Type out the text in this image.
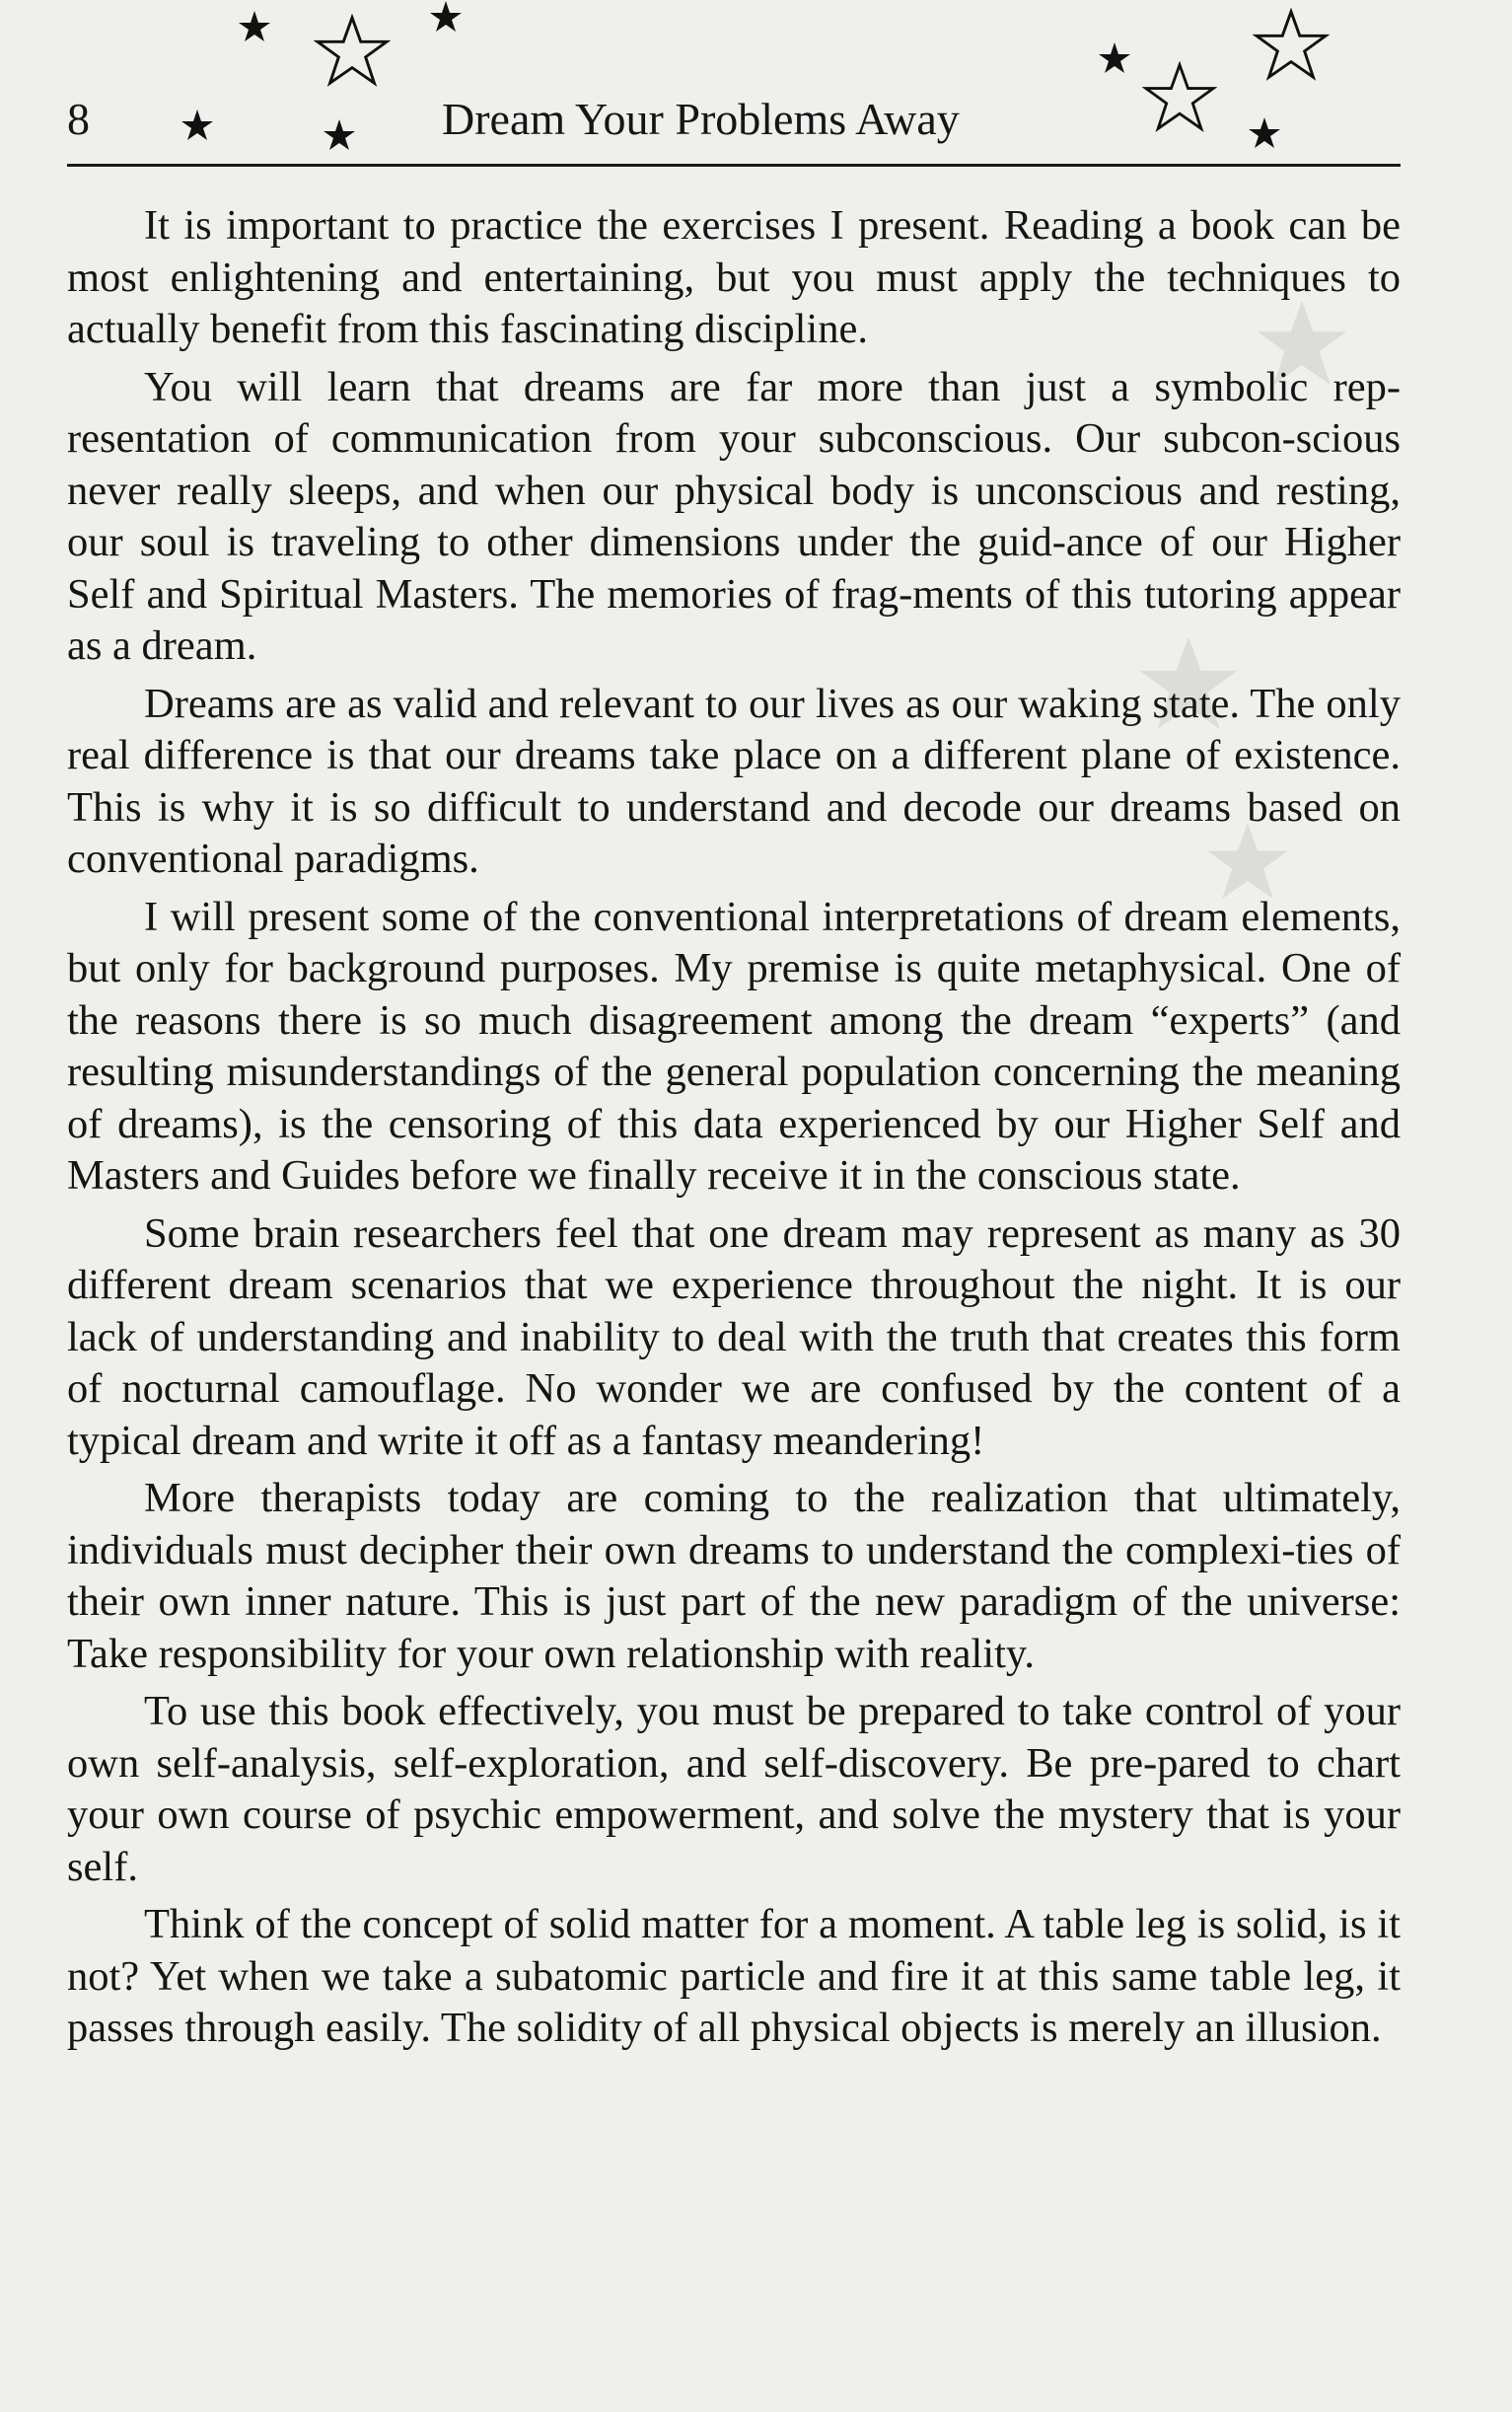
8	Dream Your Problems Away

It is important to practice the exercises I present. Reading a book can be most enlightening and entertaining, but you must apply the techniques to actually benefit from this fascinating discipline.

You will learn that dreams are far more than just a symbolic rep-resentation of communication from your subconscious. Our subcon-scious never really sleeps, and when our physical body is unconscious and resting, our soul is traveling to other dimensions under the guid-ance of our Higher Self and Spiritual Masters. The memories of frag-ments of this tutoring appear as a dream.

Dreams are as valid and relevant to our lives as our waking state. The only real difference is that our dreams take place on a different plane of existence. This is why it is so difficult to understand and decode our dreams based on conventional paradigms.

I will present some of the conventional interpretations of dream elements, but only for background purposes. My premise is quite metaphysical. One of the reasons there is so much disagreement among the dream “experts” (and resulting misunderstandings of the general population concerning the meaning of dreams), is the censoring of this data experienced by our Higher Self and Masters and Guides before we finally receive it in the conscious state.

Some brain researchers feel that one dream may represent as many as 30 different dream scenarios that we experience throughout the night. It is our lack of understanding and inability to deal with the truth that creates this form of nocturnal camouflage. No wonder we are confused by the content of a typical dream and write it off as a fantasy meandering!

More therapists today are coming to the realization that ultimately, individuals must decipher their own dreams to understand the complexi-ties of their own inner nature. This is just part of the new paradigm of the universe: Take responsibility for your own relationship with reality.

To use this book effectively, you must be prepared to take control of your own self-analysis, self-exploration, and self-discovery. Be pre-pared to chart your own course of psychic empowerment, and solve the mystery that is your self.

Think of the concept of solid matter for a moment. A table leg is solid, is it not? Yet when we take a subatomic particle and fire it at this same table leg, it passes through easily. The solidity of all physical objects is merely an illusion.
